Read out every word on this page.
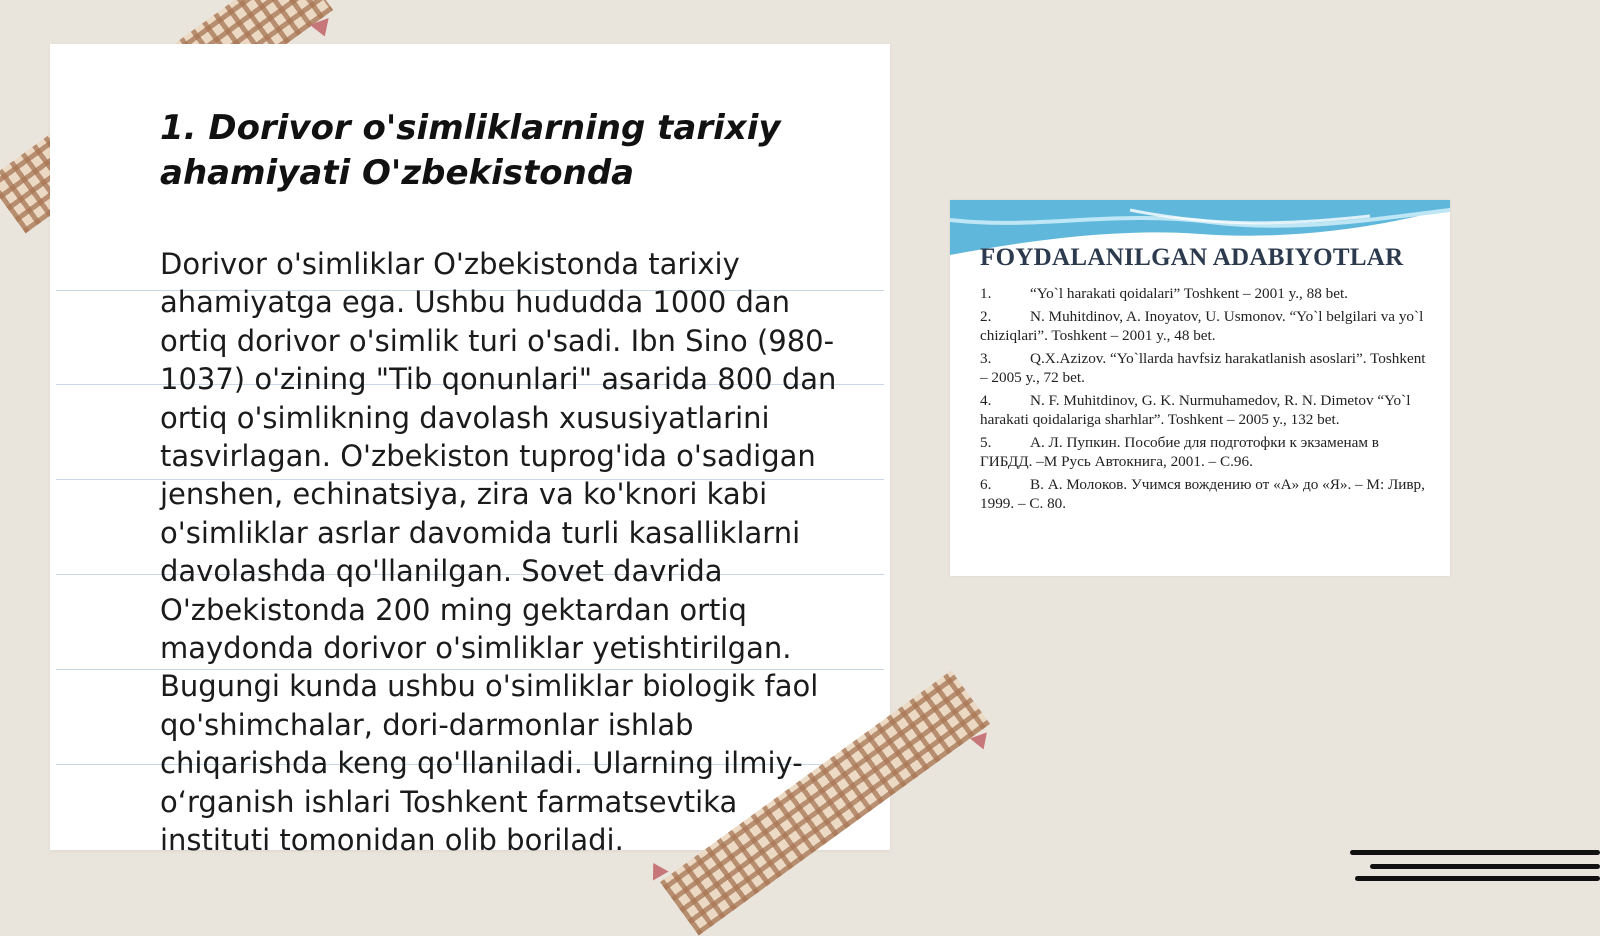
1. Dorivor o'simliklarning tarixiy ahamiyati O'zbekistonda

Dorivor o'simliklar O'zbekistonda tarixiy ahamiyatga ega. Ushbu hududda 1000 dan ortiq dorivor o'simlik turi o'sadi. Ibn Sino (980-1037) o'zining "Tib qonunlari" asarida 800 dan ortiq o'simlikning davolash xususiyatlarini tasvirlagan. O'zbekiston tuprog'ida o'sadigan jenshen, echinatsiya, zira va ko'knori kabi o'simliklar asrlar davomida turli kasalliklarni davolashda qo'llanilgan. Sovet davrida O'zbekistonda 200 ming gektardan ortiq maydonda dorivor o'simliklar yetishtirilgan. Bugungi kunda ushbu o'simliklar biologik faol qo'shimchalar, dori-darmonlar ishlab chiqarishda keng qo'llaniladi. Ularning ilmiy-o‘rganish ishlari Toshkent farmatsevtika instituti tomonidan olib boriladi.

FOYDALANILGAN ADABIYOTLAR
1.	“Yo`l harakati qoidalari” Toshkent – 2001 y., 88 bet.
2.	N. Muhitdinov, A. Inoyatov, U. Usmonov. “Yo`l belgilari va yo`l chiziqlari”. Toshkent – 2001 y., 48 bet.
3.	Q.X.Azizov. “Yo`llarda havfsiz harakatlanish asoslari”. Toshkent – 2005 y., 72 bet.
4.	N. F. Muhitdinov, G. K. Nurmuhamedov, R. N. Dimetov “Yo`l harakati qoidalariga sharhlar”. Toshkent – 2005 y., 132 bet.
5.	А. Л. Пупкин. Пособие для подготофки к экзаменам в ГИБДД. –М Русь Автокнига, 2001. – С.96.
6.	В. А. Молоков. Учимся вождению от «А» до «Я». – М: Ливр, 1999. – С. 80.
